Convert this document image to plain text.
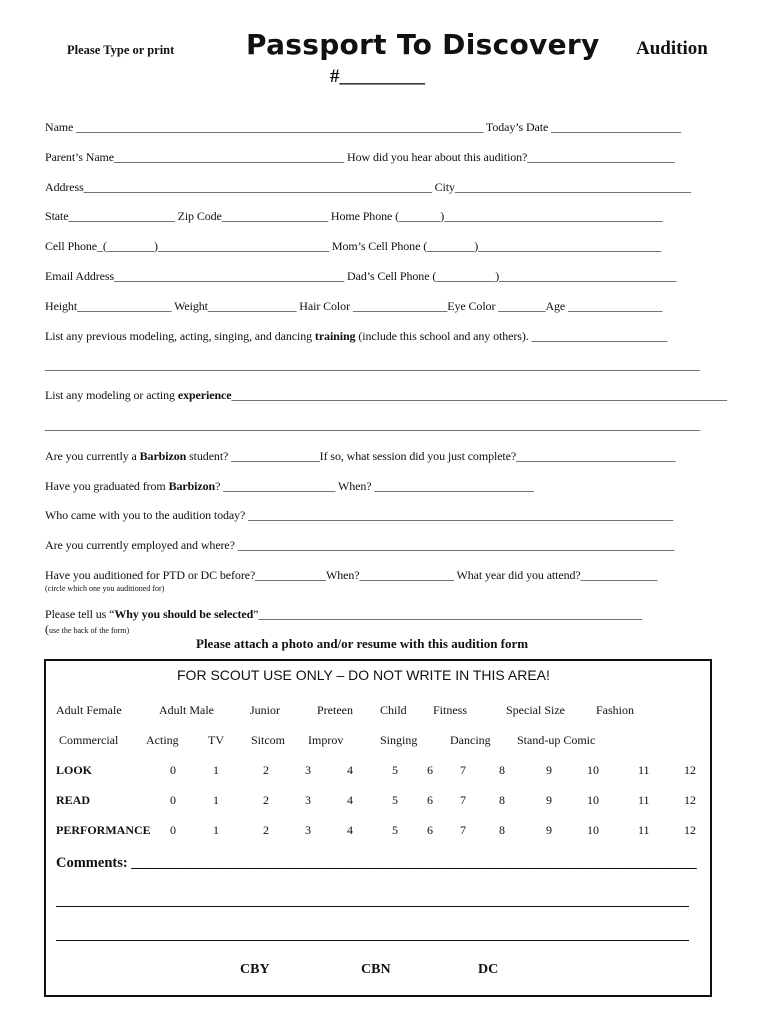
Please Type or print	Passport To Discovery Audition
#_________
Name _____________________________________________________________________ Today’s Date ______________________
Parent’s Name_______________________________________ How did you hear about this audition?_________________________
Address___________________________________________________________ City________________________________________
State__________________ Zip Code__________________ Home Phone (_______)_____________________________________
Cell Phone_(________)_____________________________ Mom’s Cell Phone (________)_______________________________
Email Address_______________________________________ Dad’s Cell Phone (__________)______________________________
Height________________ Weight_______________ Hair Color ________________Eye Color ________Age ________________
List any previous modeling, acting, singing, and dancing training (include this school and any others). _______________________
_______________________________________________________________________________________________________________
List any modeling or acting experience____________________________________________________________________________________
_______________________________________________________________________________________________________________
Are you currently a Barbizon student? _______________If so, what session did you just complete?___________________________
Have you graduated from Barbizon? ___________________ When? ___________________________
Who came with you to the audition today? ________________________________________________________________________
Are you currently employed and where? __________________________________________________________________________
Have you auditioned for PTD or DC before?____________When?________________ What year did you attend?_____________
(circle which one you auditioned for)
Please tell us “Why you should be selected”_________________________________________________________________
(use the back of the form)
Please attach a photo and/or resume with this audition form
FOR SCOUT USE ONLY – DO NOT WRITE IN THIS AREA!
Adult Female	Adult Male	Junior	Preteen Child Fitness	Special Size	Fashion
Commercial Acting TV Sitcom Improv	Singing	Dancing Stand-up Comic
LOOK	0	1	2	3	4	5 6 7	8	9	10	11	12
READ	0	1	2	3	4	5 6 7	8	9	10	11	12
PERFORMANCE 0	1	2	3	4	5 6 7	8	9	10	11	12
Comments: ______________________________________________________________________________
CBY	CBN	DC
